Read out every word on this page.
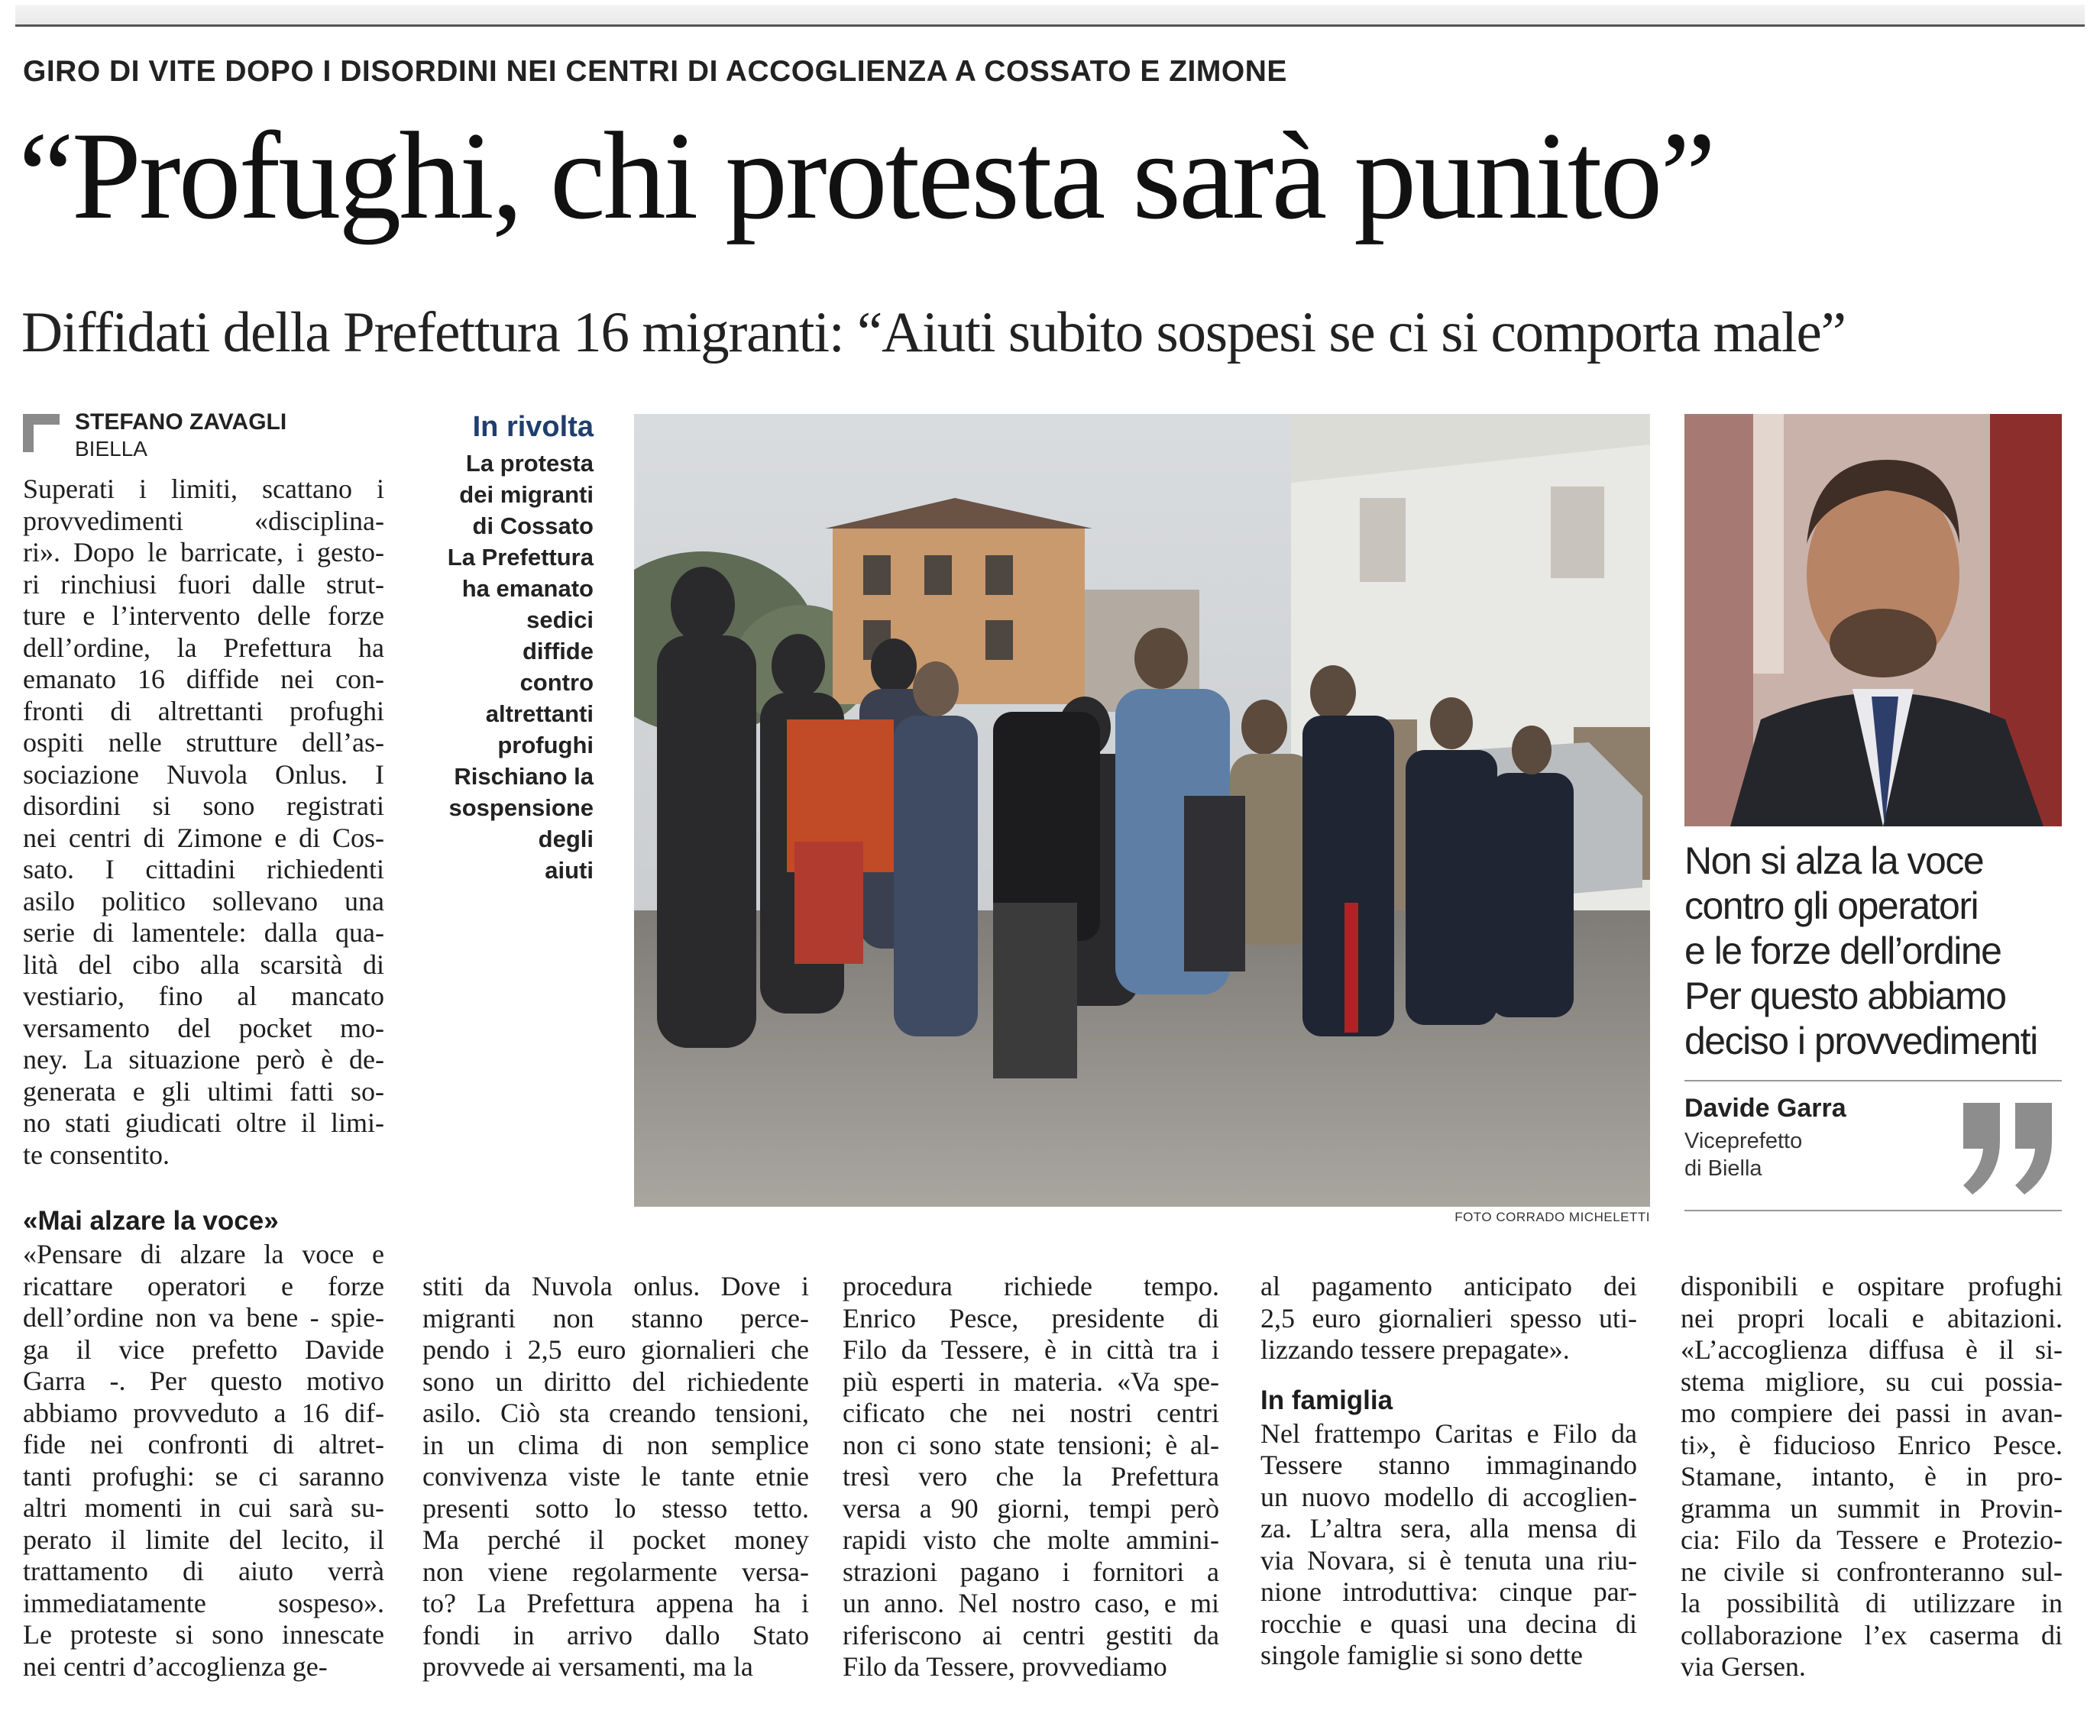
GIRO DI VITE DOPO I DISORDINI NEI CENTRI DI ACCOGLIENZA A COSSATO E ZIMONE
“Profughi, chi protesta sarà punito”
Diffidati della Prefettura 16 migranti: “Aiuti subito sospesi se ci si comporta male”
STEFANO ZAVAGLI
BIELLA
Superati i limiti, scattano i
provvedimenti «disciplina-
ri». Dopo le barricate, i gesto-
ri rinchiusi fuori dalle strut-
ture e l’intervento delle forze
dell’ordine, la Prefettura ha
emanato 16 diffide nei con-
fronti di altrettanti profughi
ospiti nelle strutture dell’as-
sociazione Nuvola Onlus. I
disordini si sono registrati
nei centri di Zimone e di Cos-
sato. I cittadini richiedenti
asilo politico sollevano una
serie di lamentele: dalla qua-
lità del cibo alla scarsità di
vestiario, fino al mancato
versamento del pocket mo-
ney. La situazione però è de-
generata e gli ultimi fatti so-
no stati giudicati oltre il limi-
te consentito.
«Mai alzare la voce»
«Pensare di alzare la voce e
ricattare operatori e forze
dell’ordine non va bene - spie-
ga il vice prefetto Davide
Garra -. Per questo motivo
abbiamo provveduto a 16 dif-
fide nei confronti di altret-
tanti profughi: se ci saranno
altri momenti in cui sarà su-
perato il limite del lecito, il
trattamento di aiuto verrà
immediatamente sospeso».
Le proteste si sono innescate
nei centri d’accoglienza ge-
stiti da Nuvola onlus. Dove i
migranti non stanno perce-
pendo i 2,5 euro giornalieri che
sono un diritto del richiedente
asilo. Ciò sta creando tensioni,
in un clima di non semplice
convivenza viste le tante etnie
presenti sotto lo stesso tetto.
Ma perché il pocket money
non viene regolarmente versa-
to? La Prefettura appena ha i
fondi in arrivo dallo Stato
provvede ai versamenti, ma la
procedura richiede tempo.
Enrico Pesce, presidente di
Filo da Tessere, è in città tra i
più esperti in materia. «Va spe-
cificato che nei nostri centri
non ci sono state tensioni; è al-
tresì vero che la Prefettura
versa a 90 giorni, tempi però
rapidi visto che molte ammini-
strazioni pagano i fornitori a
un anno. Nel nostro caso, e mi
riferiscono ai centri gestiti da
Filo da Tessere, provvediamo
al pagamento anticipato dei
2,5 euro giornalieri spesso uti-
lizzando tessere prepagate».
In famiglia
Nel frattempo Caritas e Filo da
Tessere stanno immaginando
un nuovo modello di accoglien-
za. L’altra sera, alla mensa di
via Novara, si è tenuta una riu-
nione introduttiva: cinque par-
rocchie e quasi una decina di
singole famiglie si sono dette
disponibili e ospitare profughi
nei propri locali e abitazioni.
«L’accoglienza diffusa è il si-
stema migliore, su cui possia-
mo compiere dei passi in avan-
ti», è fiducioso Enrico Pesce.
Stamane, intanto, è in pro-
gramma un summit in Provin-
cia: Filo da Tessere e Protezio-
ne civile si confronteranno sul-
la possibilità di utilizzare in
collaborazione l’ex caserma di
via Gersen.
In rivolta
La protesta
dei migranti
di Cossato
La Prefettura
ha emanato
sedici
diffide
contro
altrettanti
profughi
Rischiano la
sospensione
degli
aiuti
FOTO CORRADO MICHELETTI
Non si alza la voce
contro gli operatori
e le forze dell’ordine
Per questo abbiamo
deciso i provvedimenti
Davide Garra
Viceprefetto
di Biella
